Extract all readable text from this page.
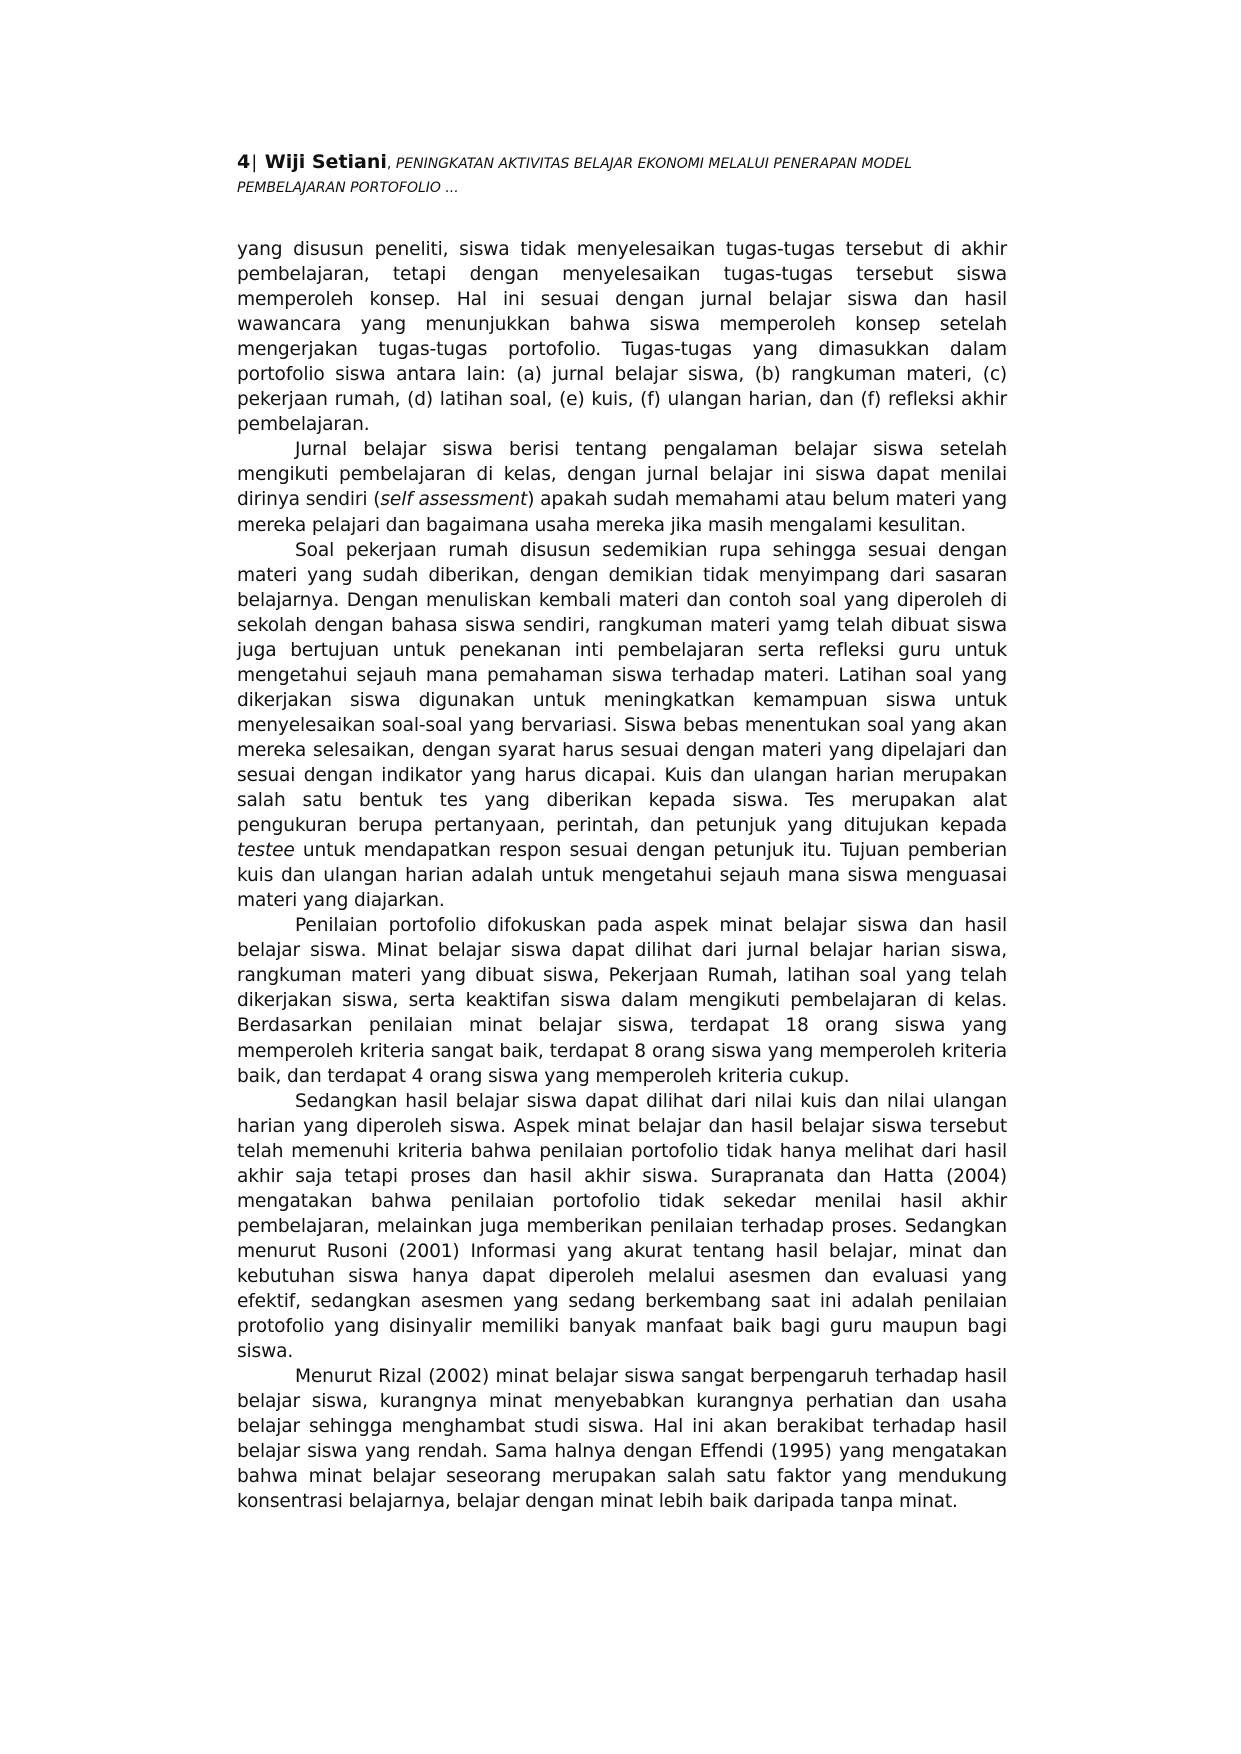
4| Wiji Setiani, PENINGKATAN AKTIVITAS BELAJAR EKONOMI MELALUI PENERAPAN MODEL PEMBELAJARAN PORTOFOLIO ...

yang disusun peneliti, siswa tidak menyelesaikan tugas-tugas tersebut di akhir pembelajaran, tetapi dengan menyelesaikan tugas-tugas tersebut siswa memperoleh konsep. Hal ini sesuai dengan jurnal belajar siswa dan hasil wawancara yang menunjukkan bahwa siswa memperoleh konsep setelah mengerjakan tugas-tugas portofolio. Tugas-tugas yang dimasukkan dalam portofolio siswa antara lain: (a) jurnal belajar siswa, (b) rangkuman materi, (c) pekerjaan rumah, (d) latihan soal, (e) kuis, (f) ulangan harian, dan (f) refleksi akhir pembelajaran.

Jurnal belajar siswa berisi tentang pengalaman belajar siswa setelah mengikuti pembelajaran di kelas, dengan jurnal belajar ini siswa dapat menilai dirinya sendiri (self assessment) apakah sudah memahami atau belum materi yang mereka pelajari dan bagaimana usaha mereka jika masih mengalami kesulitan.

Soal pekerjaan rumah disusun sedemikian rupa sehingga sesuai dengan materi yang sudah diberikan, dengan demikian tidak menyimpang dari sasaran belajarnya. Dengan menuliskan kembali materi dan contoh soal yang diperoleh di sekolah dengan bahasa siswa sendiri, rangkuman materi yamg telah dibuat siswa juga bertujuan untuk penekanan inti pembelajaran serta refleksi guru untuk mengetahui sejauh mana pemahaman siswa terhadap materi. Latihan soal yang dikerjakan siswa digunakan untuk meningkatkan kemampuan siswa untuk menyelesaikan soal-soal yang bervariasi. Siswa bebas menentukan soal yang akan mereka selesaikan, dengan syarat harus sesuai dengan materi yang dipelajari dan sesuai dengan indikator yang harus dicapai. Kuis dan ulangan harian merupakan salah satu bentuk tes yang diberikan kepada siswa. Tes merupakan alat pengukuran berupa pertanyaan, perintah, dan petunjuk yang ditujukan kepada testee untuk mendapatkan respon sesuai dengan petunjuk itu. Tujuan pemberian kuis dan ulangan harian adalah untuk mengetahui sejauh mana siswa menguasai materi yang diajarkan.

Penilaian portofolio difokuskan pada aspek minat belajar siswa dan hasil belajar siswa. Minat belajar siswa dapat dilihat dari jurnal belajar harian siswa, rangkuman materi yang dibuat siswa, Pekerjaan Rumah, latihan soal yang telah dikerjakan siswa, serta keaktifan siswa dalam mengikuti pembelajaran di kelas. Berdasarkan penilaian minat belajar siswa, terdapat 18 orang siswa yang memperoleh kriteria sangat baik, terdapat 8 orang siswa yang memperoleh kriteria baik, dan terdapat 4 orang siswa yang memperoleh kriteria cukup.

Sedangkan hasil belajar siswa dapat dilihat dari nilai kuis dan nilai ulangan harian yang diperoleh siswa. Aspek minat belajar dan hasil belajar siswa tersebut telah memenuhi kriteria bahwa penilaian portofolio tidak hanya melihat dari hasil akhir saja tetapi proses dan hasil akhir siswa. Surapranata dan Hatta (2004) mengatakan bahwa penilaian portofolio tidak sekedar menilai hasil akhir pembelajaran, melainkan juga memberikan penilaian terhadap proses. Sedangkan menurut Rusoni (2001) Informasi yang akurat tentang hasil belajar, minat dan kebutuhan siswa hanya dapat diperoleh melalui asesmen dan evaluasi yang efektif, sedangkan asesmen yang sedang berkembang saat ini adalah penilaian protofolio yang disinyalir memiliki banyak manfaat baik bagi guru maupun bagi siswa.

Menurut Rizal (2002) minat belajar siswa sangat berpengaruh terhadap hasil belajar siswa, kurangnya minat menyebabkan kurangnya perhatian dan usaha belajar sehingga menghambat studi siswa. Hal ini akan berakibat terhadap hasil belajar siswa yang rendah. Sama halnya dengan Effendi (1995) yang mengatakan bahwa minat belajar seseorang merupakan salah satu faktor yang mendukung konsentrasi belajarnya, belajar dengan minat lebih baik daripada tanpa minat.
